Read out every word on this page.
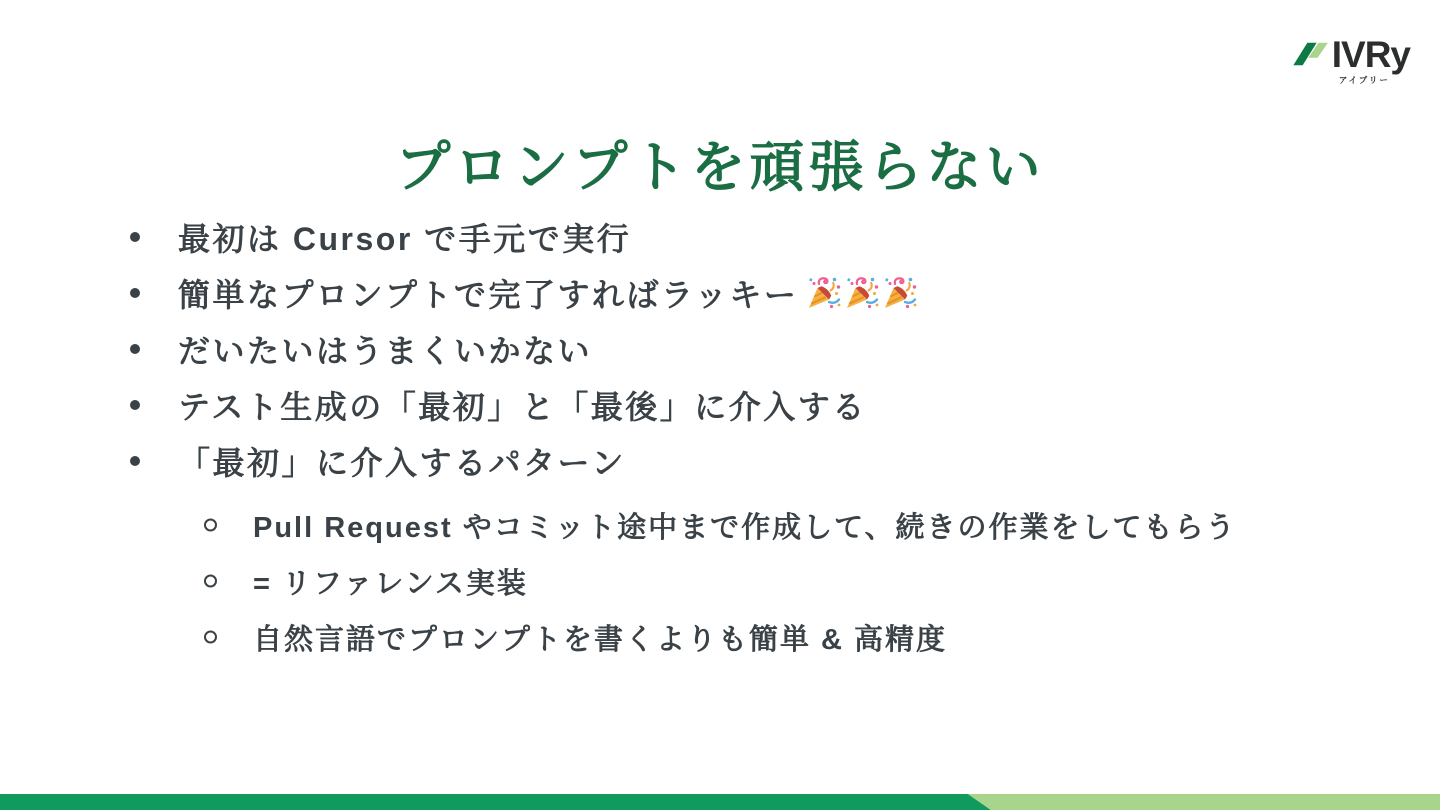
IVRy
アイブリー
プロンプトを頑張らない
最初は Cursor で手元で実行
簡単なプロンプトで完了すればラッキー
だいたいはうまくいかない
テスト生成の「最初」と「最後」に介入する
「最初」に介入するパターン
Pull Request やコミット途中まで作成して、続きの作業をしてもらう
= リファレンス実装
自然言語でプロンプトを書くよりも簡単 & 高精度
